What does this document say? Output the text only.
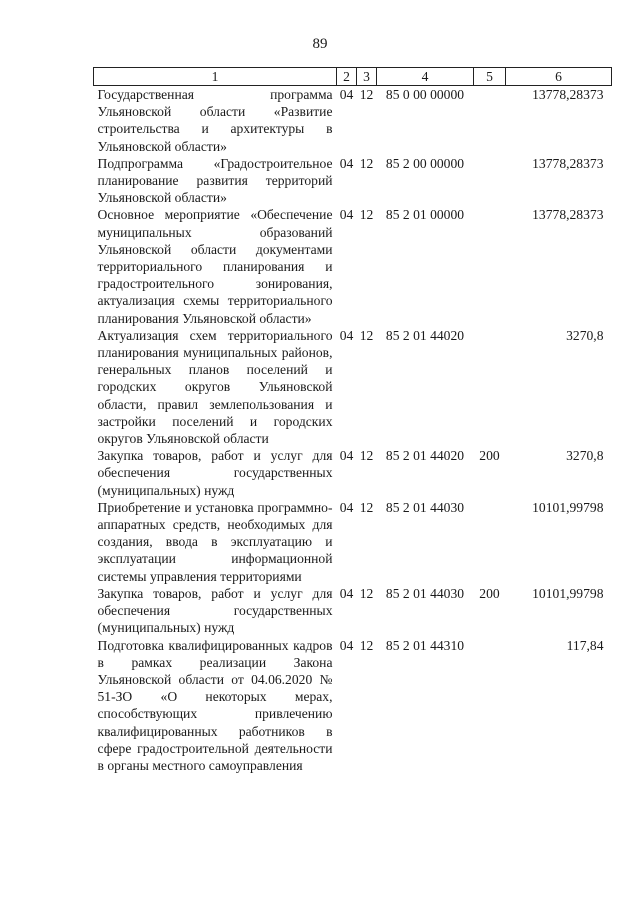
89
1	2	3	4	5	6
Государственная программа Ульяновской области «Развитие строительства и архитектуры в Ульяновской области»	04	12	85 0 00 00000		13778,28373
Подпрограмма «Градостроительное планирование развития территорий Ульяновской области»	04	12	85 2 00 00000		13778,28373
Основное мероприятие «Обеспечение муниципальных образований Ульяновской области документами территориального планирования и градостроительного зонирования, актуализация схемы территориального планирования Ульяновской области»	04	12	85 2 01 00000		13778,28373
Актуализация схем территориального планирования муниципальных районов, генеральных планов поселений и городских округов Ульяновской области, правил землепользования и застройки поселений и городских округов Ульяновской области	04	12	85 2 01 44020		3270,8
Закупка товаров, работ и услуг для обеспечения государственных (муниципальных) нужд	04	12	85 2 01 44020	200	3270,8
Приобретение и установка программно-аппаратных средств, необходимых для создания, ввода в эксплуатацию и эксплуатации информационной системы управления территориями	04	12	85 2 01 44030		10101,99798
Закупка товаров, работ и услуг для обеспечения государственных (муниципальных) нужд	04	12	85 2 01 44030	200	10101,99798
Подготовка квалифицированных кадров в рамках реализации Закона Ульяновской области от 04.06.2020 № 51-ЗО «О некоторых мерах, способствующих привлечению квалифицированных работников в сфере градостроительной деятельности в органы местного самоуправления	04	12	85 2 01 44310		117,84
